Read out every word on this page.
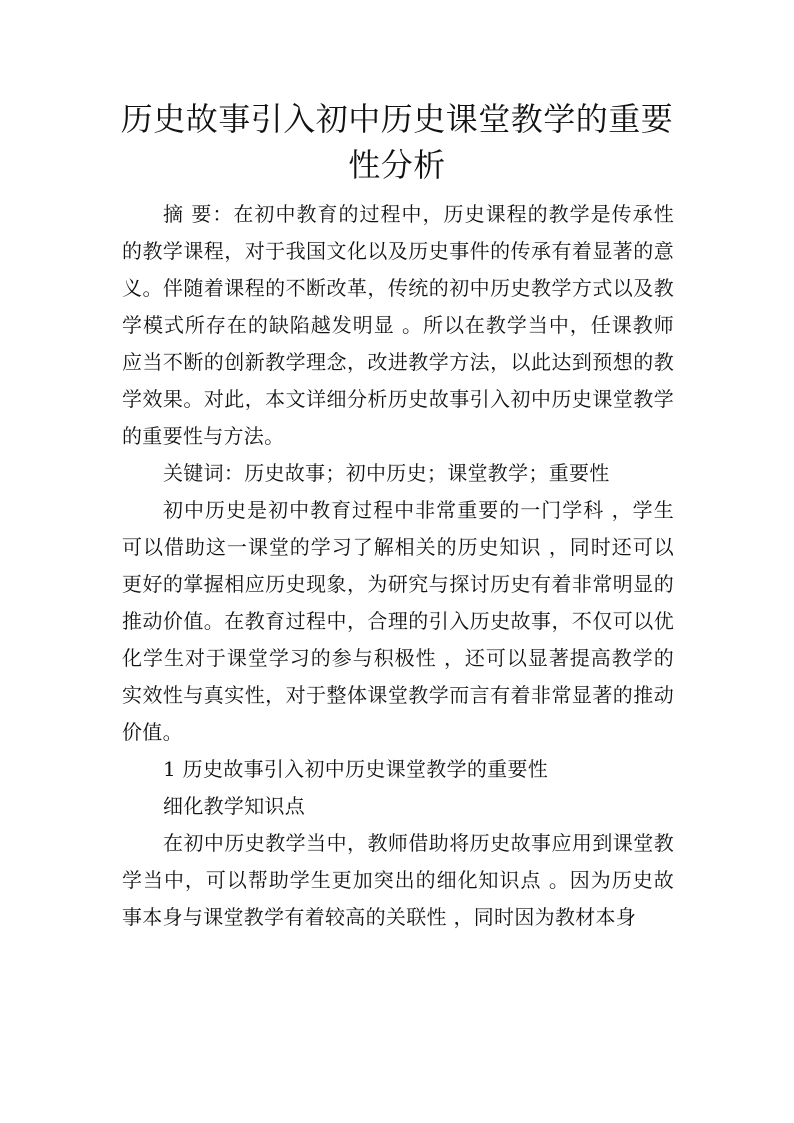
历史故事引入初中历史课堂教学的重要性分析

摘 要：在初中教育的过程中，历史课程的教学是传承性的教学课程，对于我国文化以及历史事件的传承有着显著的意义。伴随着课程的不断改革，传统的初中历史教学方式以及教学模式所存在的缺陷越发明显 。所以在教学当中，任课教师应当不断的创新教学理念，改进教学方法，以此达到预想的教学效果。对此，本文详细分析历史故事引入初中历史课堂教学的重要性与方法。

关键词：历史故事；初中历史；课堂教学；重要性

初中历史是初中教育过程中非常重要的一门学科 ，学生可以借助这一课堂的学习了解相关的历史知识 ，同时还可以更好的掌握相应历史现象，为研究与探讨历史有着非常明显的推动价值。在教育过程中，合理的引入历史故事，不仅可以优化学生对于课堂学习的参与积极性 ，还可以显著提高教学的实效性与真实性，对于整体课堂教学而言有着非常显著的推动价值。

1 历史故事引入初中历史课堂教学的重要性

细化教学知识点

在初中历史教学当中，教师借助将历史故事应用到课堂教学当中，可以帮助学生更加突出的细化知识点 。因为历史故事本身与课堂教学有着较高的关联性 ，同时因为教材本身
